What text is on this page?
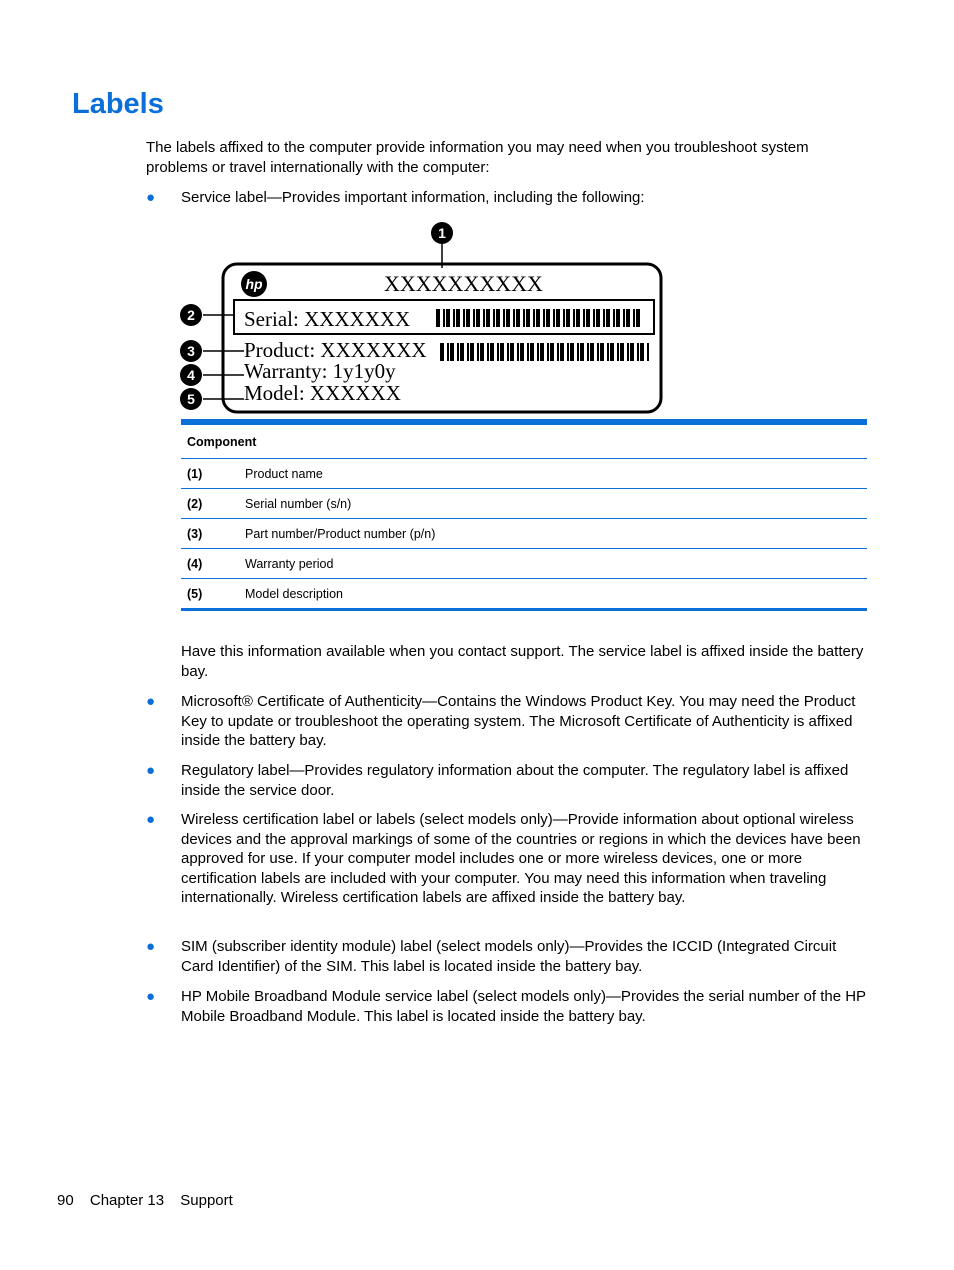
Labels

The labels affixed to the computer provide information you may need when you troubleshoot system problems or travel internationally with the computer:

● Service label—Provides important information, including the following:
hp	XXXXXXXXXX
Serial: XXXXXXX
Product: XXXXXXX
Warranty: 1y1y0y
Model: XXXXXX
1
2
3
4
5
Component	
(1)	Product name
(2)	Serial number (s/n)
(3)	Part number/Product number (p/n)
(4)	Warranty period
(5)	Model description

Have this information available when you contact support. The service label is affixed inside the battery bay.

● Microsoft® Certificate of Authenticity—Contains the Windows Product Key. You may need the Product Key to update or troubleshoot the operating system. The Microsoft Certificate of Authenticity is affixed inside the battery bay.
● Regulatory label—Provides regulatory information about the computer. The regulatory label is affixed inside the service door.
● Wireless certification label or labels (select models only)—Provide information about optional wireless devices and the approval markings of some of the countries or regions in which the devices have been approved for use. If your computer model includes one or more wireless devices, one or more certification labels are included with your computer. You may need this information when traveling internationally. Wireless certification labels are affixed inside the battery bay.
● SIM (subscriber identity module) label (select models only)—Provides the ICCID (Integrated Circuit Card Identifier) of the SIM. This label is located inside the battery bay.
● HP Mobile Broadband Module service label (select models only)—Provides the serial number of the HP Mobile Broadband Module. This label is located inside the battery bay.
90 Chapter 13 Support
